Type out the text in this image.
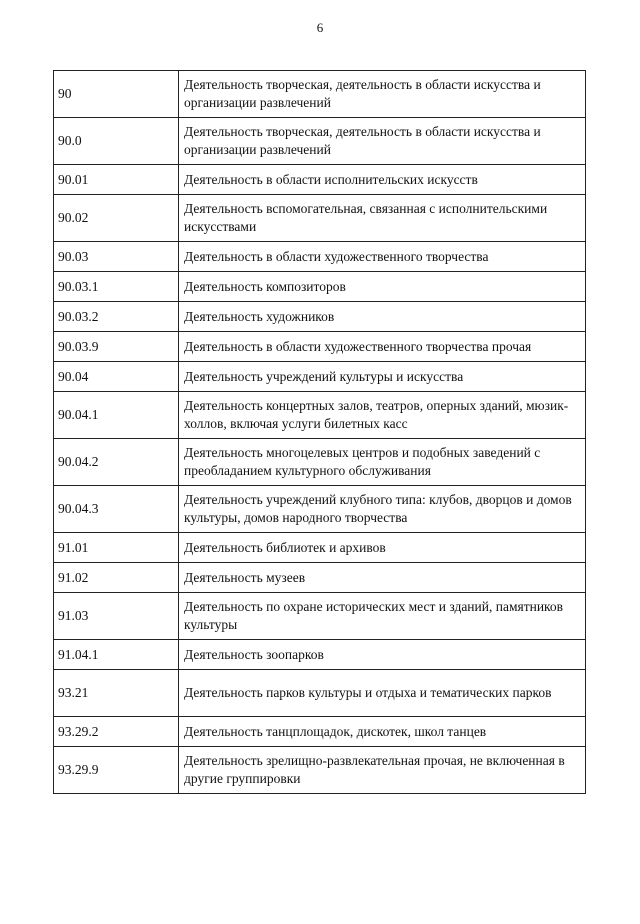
6
90	Деятельность творческая, деятельность в области искусства и организации развлечений
90.0	Деятельность творческая, деятельность в области искусства и организации развлечений
90.01	Деятельность в области исполнительских искусств
90.02	Деятельность вспомогательная, связанная с исполнительскими искусствами
90.03	Деятельность в области художественного творчества
90.03.1	Деятельность композиторов
90.03.2	Деятельность художников
90.03.9	Деятельность в области художественного творчества прочая
90.04	Деятельность учреждений культуры и искусства
90.04.1	Деятельность концертных залов, театров, оперных зданий, мюзик-холлов, включая услуги билетных касс
90.04.2	Деятельность многоцелевых центров и подобных заведений с преобладанием культурного обслуживания
90.04.3	Деятельность учреждений клубного типа: клубов, дворцов и домов культуры, домов народного творчества
91.01	Деятельность библиотек и архивов
91.02	Деятельность музеев
91.03	Деятельность по охране исторических мест и зданий, памятников культуры
91.04.1	Деятельность зоопарков
93.21	Деятельность парков культуры и отдыха и тематических парков
93.29.2	Деятельность танцплощадок, дискотек, школ танцев
93.29.9	Деятельность зрелищно-развлекательная прочая, не включенная в другие группировки
